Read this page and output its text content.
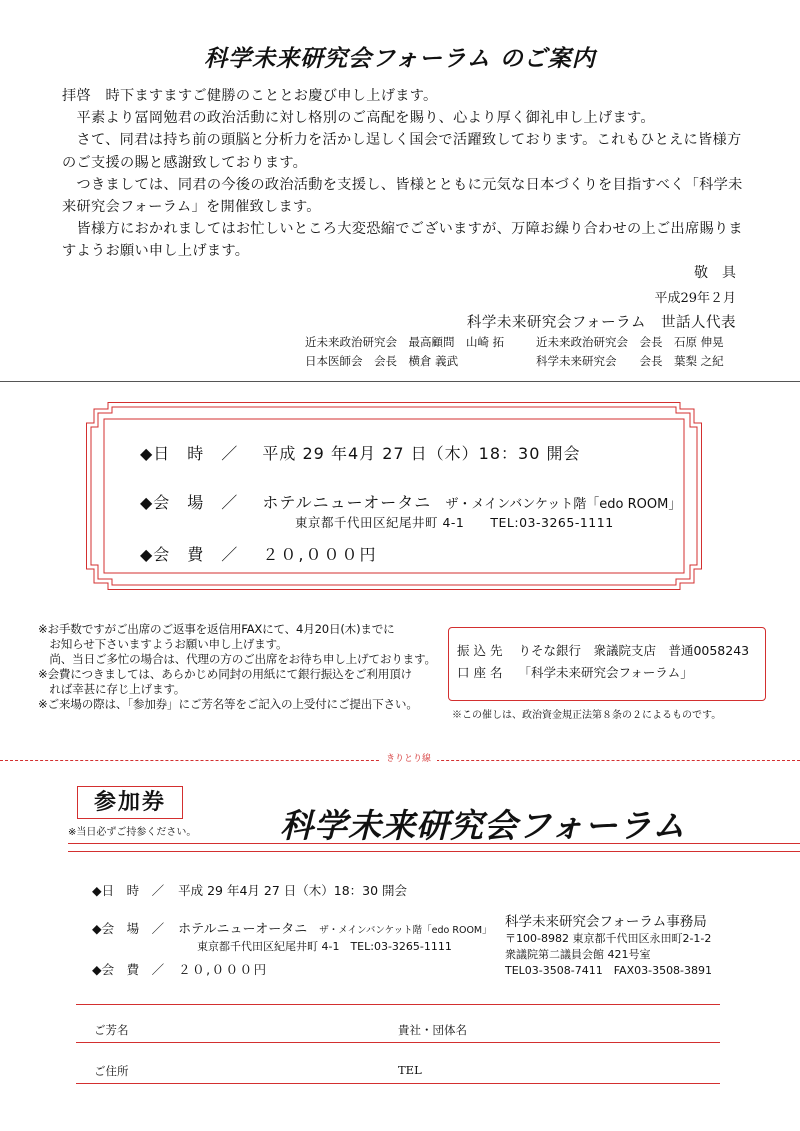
科学未来研究会フォーラム のご案内

拝啓　時下ますますご健勝のこととお慶び申し上げます。

　平素より冨岡勉君の政治活動に対し格別のご高配を賜り、心より厚く御礼申し上げます。

　さて、同君は持ち前の頭脳と分析力を活かし逞しく国会で活躍致しております。これもひとえに皆様方のご支援の賜と感謝致しております。

　つきましては、同君の今後の政治活動を支援し、皆様とともに元気な日本づくりを目指すべく「科学未来研究会フォーラム」を開催致します。

　皆様方におかれましてはお忙しいところ大変恐縮でございますが、万障お繰り合わせの上ご出席賜りますようお願い申し上げます。

敬　具
平成29年２月
科学未来研究会フォーラム　世話人代表
近未来政治研究会　最高顧問　山崎 拓	近未来政治研究会　会長　石原 伸晃
日本医師会　会長　横倉 義武	科学未来研究会　　会長　葉梨 之紀
◆日　時　／ 平成 29 年4月 27 日（木）18：30 開会
◆会　場　／ ホテルニューオータニ ザ・メインバンケット階「edo ROOM」
東京都千代田区紀尾井町 4-1　　TEL:03-3265-1111
◆会　費　／ ２０,０００円

※お手数ですがご出席のご返事を返信用FAXにて、4月20日(木)までに

　お知らせ下さいますようお願い申し上げます。

　尚、当日ご多忙の場合は、代理の方のご出席をお待ち申し上げております。

※会費につきましては、あらかじめ同封の用紙にて銀行振込をご利用頂け

　れば幸甚に存じ上げます。

※ご来場の際は、「参加券」にご芳名等をご記入の上受付にご提出下さい。

振 込 先 りそな銀行　衆議院支店　普通0058243
口 座 名 「科学未来研究会フォーラム」
※この催しは、政治資金規正法第８条の２によるものです。
きりとり線
参加券
※当日必ずご持参ください。	科学未来研究会フォーラム
◆日　時　／ 平成 29 年4月 27 日（木）18：30 開会
◆会　場　／ ホテルニューオータニ ザ・メインバンケット階「edo ROOM」
東京都千代田区紀尾井町 4-1　TEL:03-3265-1111
◆会　費　／ ２０,０００円
科学未来研究会フォーラム事務局
〒100-8982 東京都千代田区永田町2-1-2
衆議院第二議員会館 421号室
TEL03-3508-7411　FAX03-3508-3891
ご芳名	貴社・団体名
ご住所	TEL
